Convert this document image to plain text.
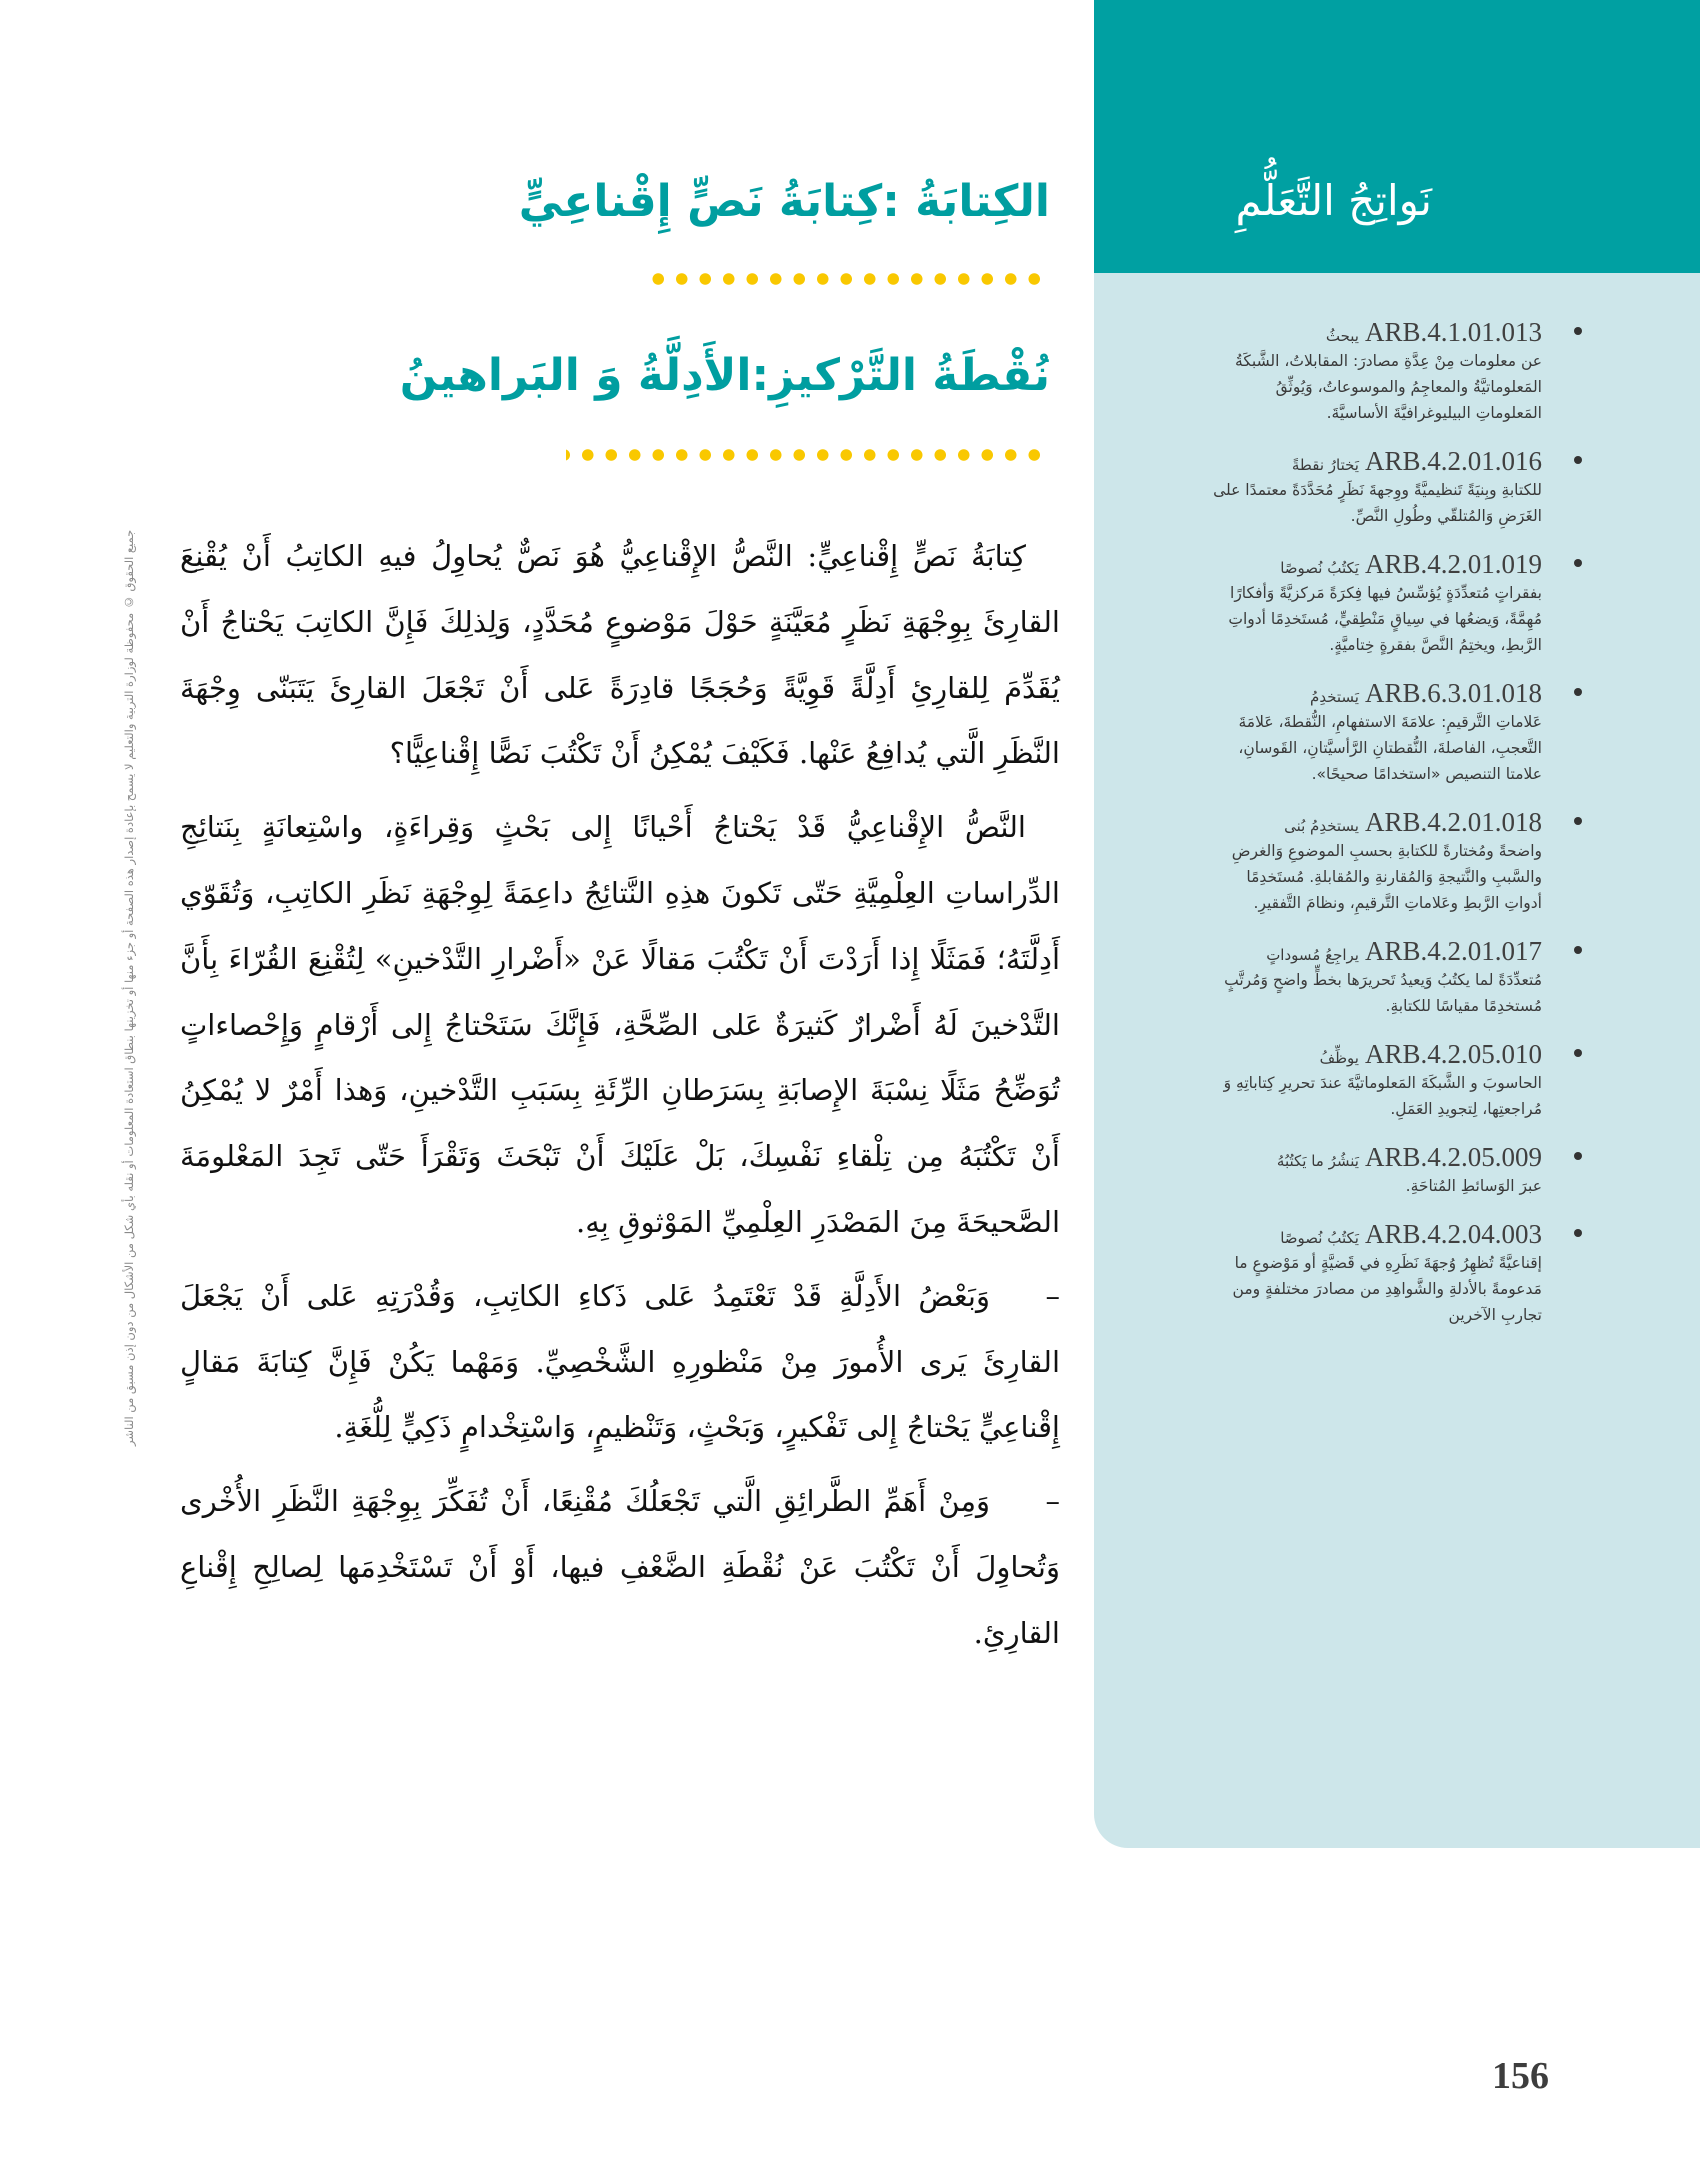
نَواتِجُ التَّعَلُّمِ
ARB.4.1.01.013يبحثُ
عن معلومات مِنْ عِدَّةِ مصادرَ: المقابلاتُ، الشَّبكَةُ المَعلوماتيَّةُ والمعاجِمُ والموسوعاتُ، وَيُوثِّقُ المَعلوماتِ البيليوغرافيَّةَ الأساسيَّةَ.
ARB.4.2.01.016يَختارُ نقطةً
للكتابةِ وبِنيَةً تَنظيميَّةً ووِجهةَ نَظَرٍ مُحَدَّدَةً معتمدًا على الغَرَضِ وَالمُتلقّي وطُولِ النَّصِّ.
ARB.4.2.01.019يَكتُبُ نُصوصًا
بفقراتٍ مُتعدِّدَةٍ يُؤسِّسُ فيها فِكرَةً مَركزيَّةً وَأفكارًا مُهِمَّةً، وَيضعُها في سِياقٍ مَنْطِقيٍّ، مُستَخدِمًا أدواتِ الرَّبطِ، ويختِمُ النَّصَّ بفقرةٍ خِتاميَّةٍ.
ARB.6.3.01.018يَستخدِمُ
عَلاماتِ التَّرقيمِ: علامَةَ الاستفهامِ، النُّقطةَ، عَلامَةَ التَّعجبِ، الفاصلةَ، النُّقطتانِ الرَّأسيَّتانِ، القَوسانِ، علامتا التنصيص «استخدامًا صحيحًا».
ARB.4.2.01.018يستخدِمُ بُنى
واضحةً ومُختارةً للكتابةِ بحسبِ الموضوعِ وَالغرضِ والسَّببِ والنَّتيجةِ وَالمُقارنةِ والمُقابلةِ. مُستَخدِمًا أدواتِ الرَّبطِ وعَلاماتِ التَّرقيمِ، ونظامَ التَّفقيرِ.
ARB.4.2.01.017يراجِعُ مُسوداتٍ
مُتعدِّدَةً لما يكتُبُ وَيعيدُ تَحريرَها بخطٍّ واضحٍ وَمُرتَّبٍ مُستخدِمًا مقياسًا للكتابةِ.
ARB.4.2.05.010يوظِّفُ
الحاسوبَ و الشَّبكَةَ المَعلوماتيَّةَ عندَ تحريرِ كِتاباتِهِ وَ مُراجعتِها، لِتجويدِ العَمَلِ.
ARB.4.2.05.009يَنشُرُ ما يَكتُبُهُ
عبرَ الوَسائطِ المُتاحَةِ.
ARB.4.2.04.003يَكتُبُ نُصوصًا
إقناعيَّةً تُظهِرُ وُجهَةَ نَظَرِهِ في قَضيَّةٍ أو مَوْضوعٍ ما مَدعومةً بالأدلةِ والشَّواهِدِ من مصادرَ مختلفةٍ ومن تجاربِ الآخرين
الكِتابَةُ :كِتابَةُ نَصٍّ إِقْناعِيٍّ
نُقْطَةُ التَّرْكيزِ:الأَدِلَّةُ وَ البَراهينُ

كِتابَةُ نَصٍّ إِقْناعِيٍّ: النَّصُّ الإِقْناعِيُّ هُوَ نَصٌّ يُحاوِلُ فيهِ الكاتِبُ أَنْ يُقْنِعَ القارِئَ بِوِجْهَةِ نَظَرٍ مُعَيَّنَةٍ حَوْلَ مَوْضوعٍ مُحَدَّدٍ، وَلِذلِكَ فَإِنَّ الكاتِبَ يَحْتاجُ أَنْ يُقَدِّمَ لِلقارِئِ أَدِلَّةً قَوِيَّةً وَحُجَجًا قادِرَةً عَلى أَنْ تَجْعَلَ القارِئَ يَتَبَنّى وِجْهَةَ النَّظَرِ الَّتي يُدافِعُ عَنْها. فَكَيْفَ يُمْكِنُ أَنْ تَكْتُبَ نَصًّا إِقْناعِيًّا؟

النَّصُّ الإِقْناعِيُّ قَدْ يَحْتاجُ أَحْيانًا إِلى بَحْثٍ وَقِراءَةٍ، واسْتِعانَةٍ بِنَتائِجِ الدِّراساتِ العِلْمِيَّةِ حَتّى تَكونَ هذِهِ النَّتائِجُ داعِمَةً لِوِجْهَةِ نَظَرِ الكاتِبِ، وَتُقَوّي أَدِلَّتَهُ؛ فَمَثَلًا إِذا أَرَدْتَ أَنْ تَكْتُبَ مَقالًا عَنْ «أَضْرارِ التَّدْخينِ» لِتُقْنِعَ القُرّاءَ بِأَنَّ التَّدْخينَ لَهُ أَضْرارٌ كَثيرَةٌ عَلى الصِّحَّةِ، فَإِنَّكَ سَتَحْتاجُ إِلى أَرْقامٍ وَإِحْصاءاتٍ تُوَضِّحُ مَثَلًا نِسْبَةَ الإِصابَةِ بِسَرَطانِ الرِّئَةِ بِسَبَبِ التَّدْخينِ، وَهذا أَمْرٌ لا يُمْكِنُ أَنْ تَكْتُبَهُ مِن تِلْقاءِ نَفْسِكَ، بَلْ عَلَيْكَ أَنْ تَبْحَثَ وَتَقْرَأَ حَتّى تَجِدَ المَعْلومَةَ الصَّحيحَةَ مِنَ المَصْدَرِ العِلْمِيِّ المَوْثوقِ بِهِ.

–وَبَعْضُ الأَدِلَّةِ قَدْ تَعْتَمِدُ عَلى ذَكاءِ الكاتِبِ، وَقُدْرَتِهِ عَلى أَنْ يَجْعَلَ القارِئَ يَرى الأُمورَ مِنْ مَنْظورِهِ الشَّخْصِيِّ. وَمَهْما يَكُنْ فَإِنَّ كِتابَةَ مَقالٍ إِقْناعِيٍّ يَحْتاجُ إِلى تَفْكيرٍ، وَبَحْثٍ، وَتَنْظيمٍ، وَاسْتِخْدامٍ ذَكِيٍّ لِلُّغَةِ.

–وَمِنْ أَهَمِّ الطَّرائِقِ الَّتي تَجْعَلُكَ مُقْنِعًا، أَنْ تُفَكِّرَ بِوِجْهَةِ النَّظَرِ الأُخْرى وَتُحاوِلَ أَنْ تَكْتُبَ عَنْ نُقْطَةِ الضَّعْفِ فيها، أَوْ أَنْ تَسْتَخْدِمَها لِصالِحِ إِقْناعِ القارِئِ.

جميع الحقوق © محفوظة لوزارة التربية والتعليم لا يسمح بإعادة إصدار هذه الصفحة أو جزء منها أو تخزينها بنطاق استعادة المعلومات أو نقله بأي شكل من الأشكال من دون إذن مسبق من الناشر
156
